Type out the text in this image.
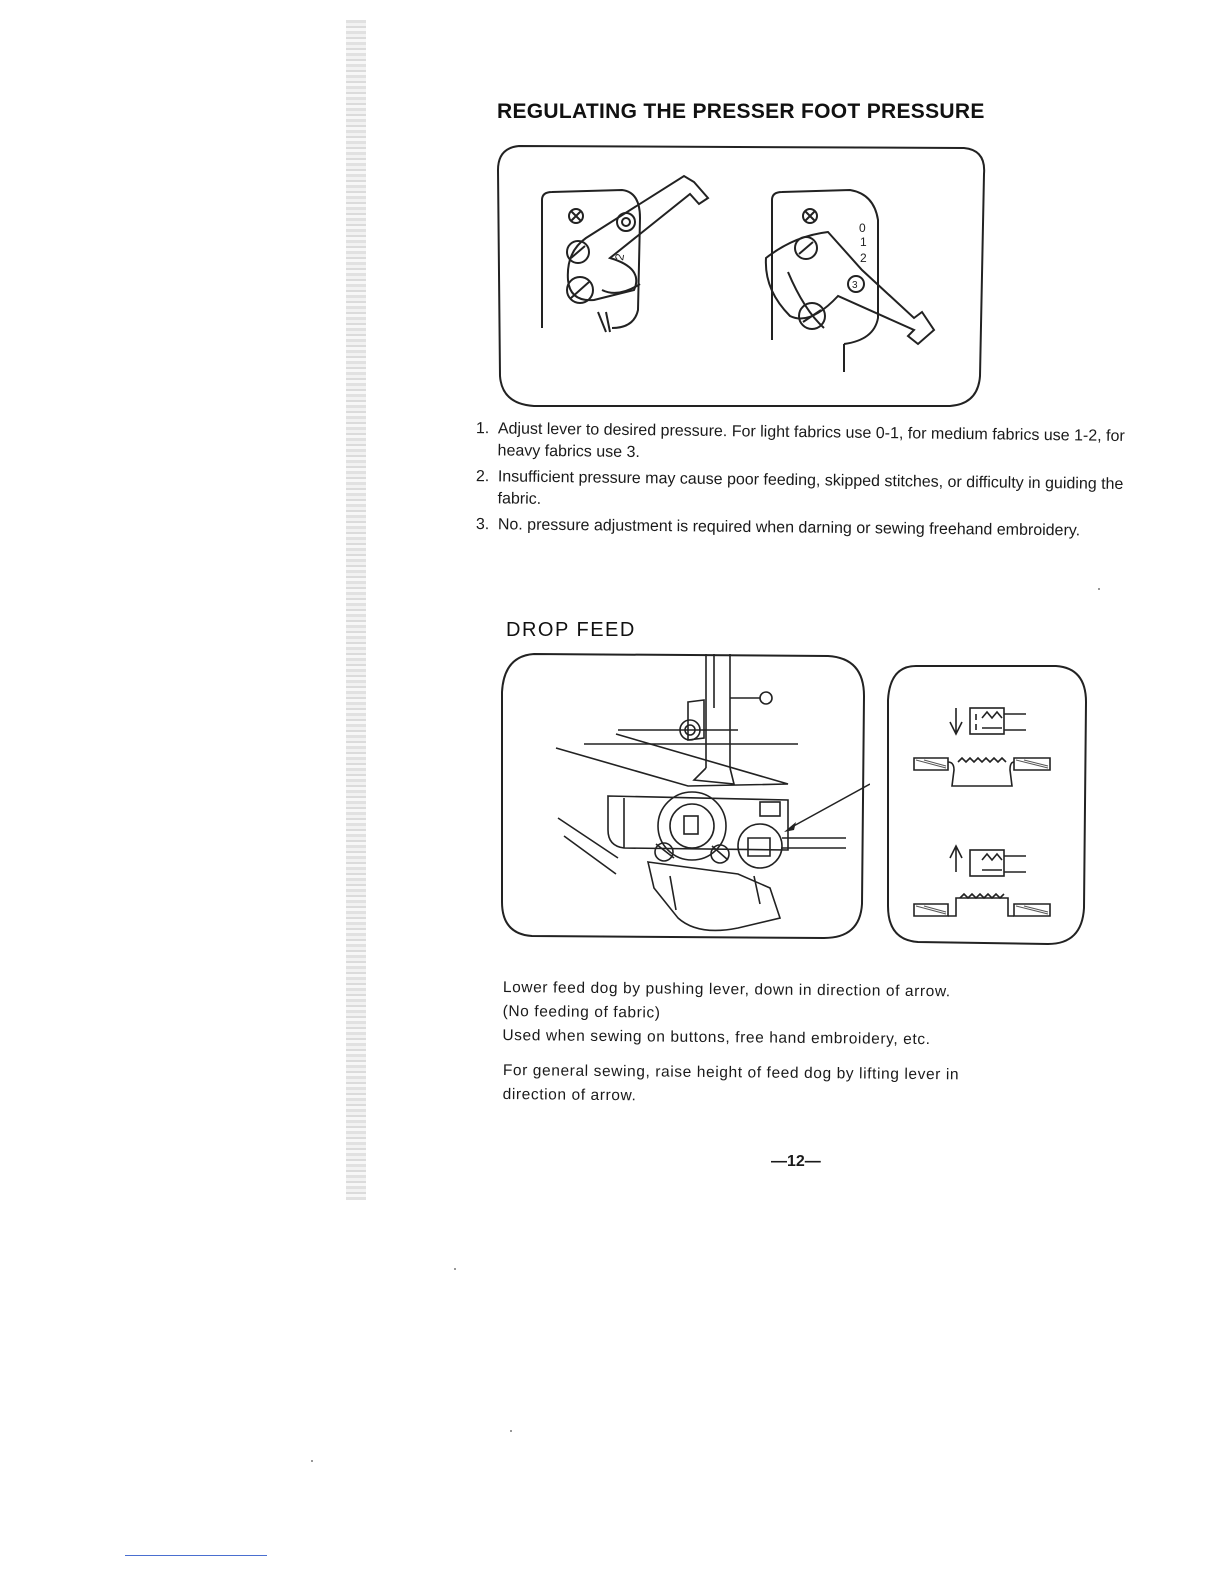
REGULATING THE PRESSER FOOT PRESSURE
2
0
1
2
3
1. Adjust lever to desired pressure. For light fabrics use 0-1, for medium fabrics use 1-2, for heavy fabrics use 3.
2. Insufficient pressure may cause poor feeding, skipped stitches, or difficulty in guiding the fabric.
3. No. pressure adjustment is required when darning or sewing freehand embroidery.
DROP FEED
Lower feed dog by pushing lever, down in direction of arrow.
(No feeding of fabric)
Used when sewing on buttons, free hand embroidery, etc.
For general sewing, raise height of feed dog by lifting lever in
direction of arrow.

—12—
